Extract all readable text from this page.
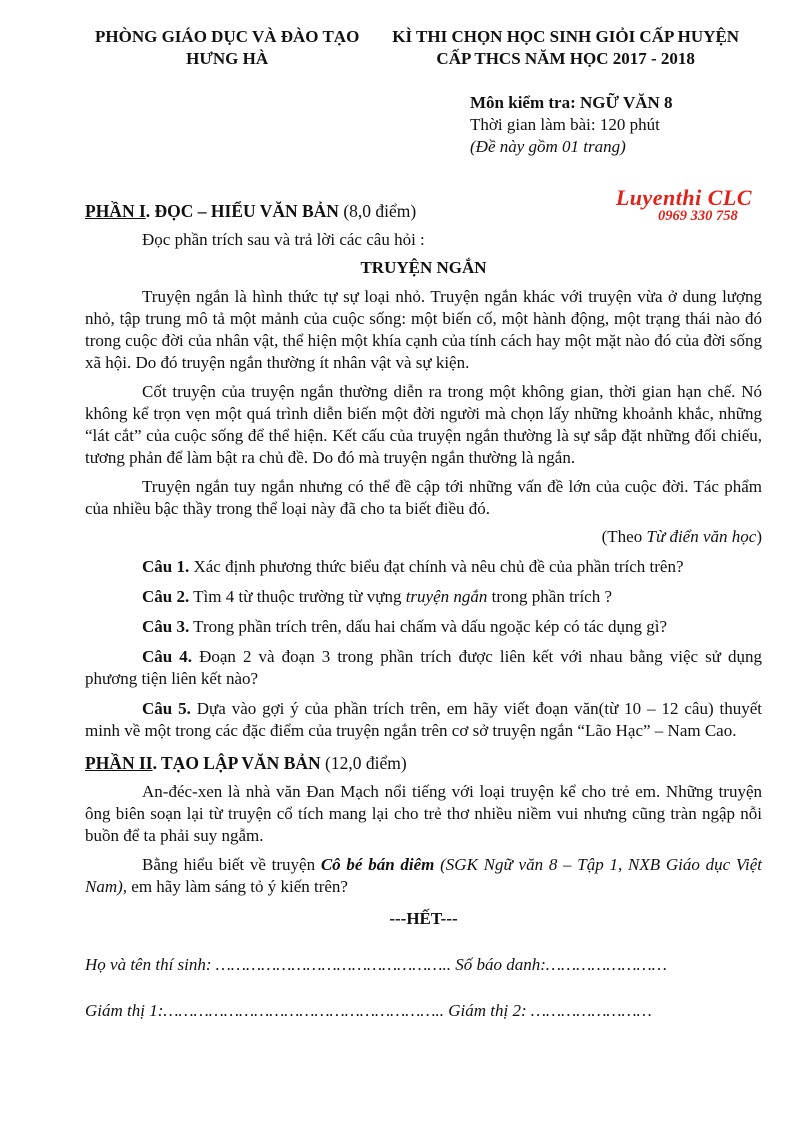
PHÒNG GIÁO DỤC VÀ ĐÀO TẠO
HƯNG HÀ
KÌ THI CHỌN HỌC SINH GIỎI CẤP HUYỆN
CẤP THCS NĂM HỌC 2017 - 2018
Môn kiểm tra: NGỮ VĂN 8
Thời gian làm bài: 120 phút
(Đề này gồm 01 trang)
PHẦN I. ĐỌC – HIỂU VĂN BẢN (8,0 điểm)
Luyenthi CLC
0969 330 758

Đọc phần trích sau và trả lời các câu hỏi :

TRUYỆN NGẮN

Truyện ngắn là hình thức tự sự loại nhỏ. Truyện ngắn khác với truyện vừa ở dung lượng nhỏ, tập trung mô tả một mảnh của cuộc sống: một biến cố, một hành động, một trạng thái nào đó trong cuộc đời của nhân vật, thể hiện một khía cạnh của tính cách hay một mặt nào đó của đời sống xã hội. Do đó truyện ngắn thường ít nhân vật và sự kiện.

Cốt truyện của truyện ngắn thường diễn ra trong một không gian, thời gian hạn chế. Nó không kể trọn vẹn một quá trình diễn biến một đời người mà chọn lấy những khoảnh khắc, những “lát cắt” của cuộc sống để thể hiện. Kết cấu của truyện ngắn thường là sự sắp đặt những đối chiếu, tương phản để làm bật ra chủ đề. Do đó mà truyện ngắn thường là ngắn.

Truyện ngắn tuy ngắn nhưng có thể đề cập tới những vấn đề lớn của cuộc đời. Tác phẩm của nhiều bậc thầy trong thể loại này đã cho ta biết điều đó.

(Theo Từ điển văn học)

Câu 1. Xác định phương thức biểu đạt chính và nêu chủ đề của phần trích trên?

Câu 2. Tìm 4 từ thuộc trường từ vựng truyện ngắn trong phần trích ?

Câu 3. Trong phần trích trên, dấu hai chấm và dấu ngoặc kép có tác dụng gì?

Câu 4. Đoạn 2 và đoạn 3 trong phần trích được liên kết với nhau bằng việc sử dụng phương tiện liên kết nào?

Câu 5. Dựa vào gợi ý của phần trích trên, em hãy viết đoạn văn(từ 10 – 12 câu) thuyết minh về một trong các đặc điểm của truyện ngắn trên cơ sở truyện ngắn “Lão Hạc” – Nam Cao.

PHẦN II. TẠO LẬP VĂN BẢN (12,0 điểm)

An-đéc-xen là nhà văn Đan Mạch nổi tiếng với loại truyện kể cho trẻ em. Những truyện ông biên soạn lại từ truyện cổ tích mang lại cho trẻ thơ nhiều niềm vui nhưng cũng tràn ngập nỗi buồn để ta phải suy ngẫm.

Bằng hiểu biết về truyện Cô bé bán diêm (SGK Ngữ văn 8 – Tập 1, NXB Giáo dục Việt Nam), em hãy làm sáng tỏ ý kiến trên?

---HẾT---

Họ và tên thí sinh: ……………………………………….. Số báo danh:……………………

Giám thị 1:……………………………………………….. Giám thị 2: ……………………
